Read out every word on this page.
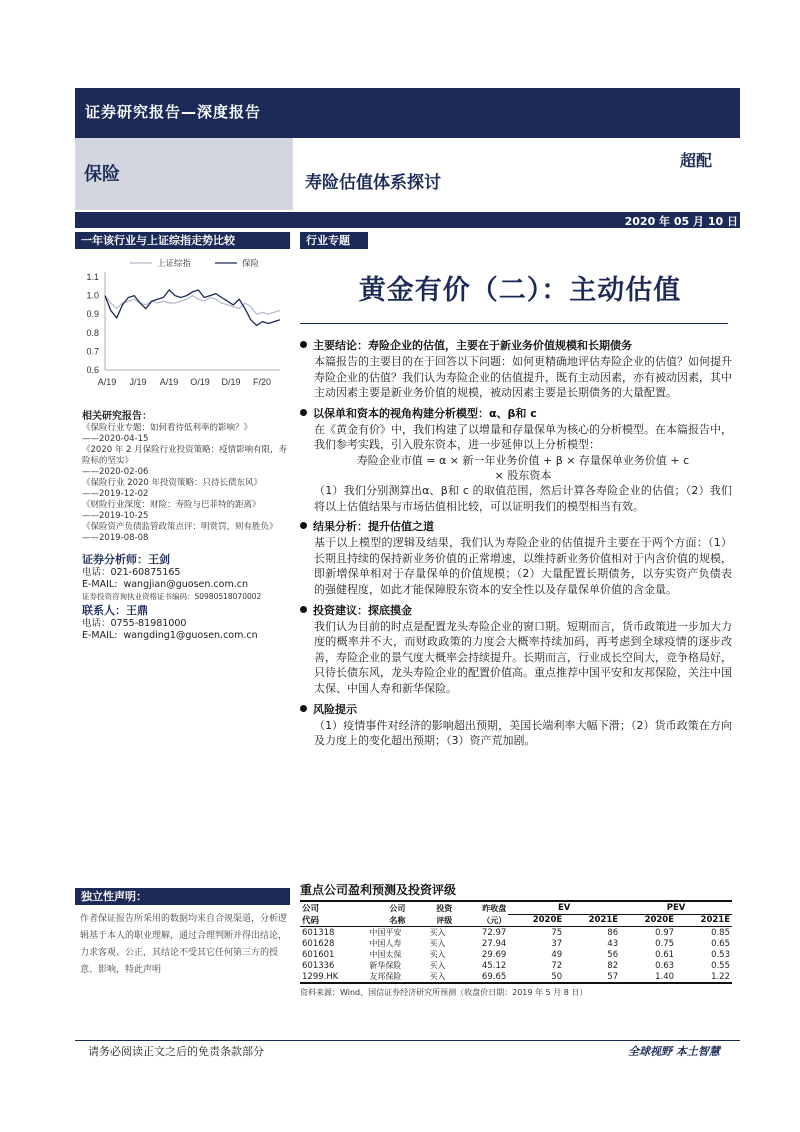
证券研究报告—深度报告
保险	寿险估值体系探讨
超配
2020 年 05 月 10 日
一年该行业与上证综指走势比较
1.1
1.0
0.9
0.8
0.7
0.6
A/19 J/19 A/19 O/19 D/19 F/20
上证综指	保险
相关研究报告：
《保险行业专题：如何看待低利率的影响？》
——2020-04-15
《2020 年 2 月保险行业投资策略：疫情影响有限，寿险标的坚实》
——2020-02-06
《保险行业 2020 年投资策略：只待长债东风》
——2019-12-02
《财险行业深度：财险：寿险与巴菲特的距离》
——2019-10-25
《保险资产负债监管政策点评：明赏罚，则有胜负》
——2019-08-08
证券分析师：王剑
电话：021-60875165
E-MAIL: wangjian@guosen.com.cn
证券投资咨询执业资格证书编码：S0980518070002
联系人：王鼎
电话：0755-81981000
E-MAIL: wangding1@guosen.com.cn
独立性声明：
作者保证报告所采用的数据均来自合规渠道，分析逻辑基于本人的职业理解，通过合理判断并得出结论，力求客观、公正，其结论不受其它任何第三方的授意、影响，特此声明
行业专题
黄金有价（二）：主动估值
主要结论：寿险企业的估值，主要在于新业务价值规模和长期债务
本篇报告的主要目的在于回答以下问题：如何更精确地评估寿险企业的估值？如何提升寿险企业的估值？我们认为寿险企业的估值提升，既有主动因素，亦有被动因素，其中主动因素主要是新业务价值的规模，被动因素主要是长期债务的大量配置。
以保单和资本的视角构建分析模型：α、β和 c
在《黄金有价》中，我们构建了以增量和存量保单为核心的分析模型。在本篇报告中，我们参考实践，引入股东资本，进一步延伸以上分析模型：
寿险企业市值 = α × 新一年业务价值 + β × 存量保单业务价值 + c
× 股东资本
（1）我们分别测算出α、β和 c 的取值范围，然后计算各寿险企业的估值；（2）我们将以上估值结果与市场估值相比较，可以证明我们的模型相当有效。
结果分析：提升估值之道
基于以上模型的逻辑及结果，我们认为寿险企业的估值提升主要在于两个方面：（1）长期且持续的保持新业务价值的正常增速，以维持新业务价值相对于内含价值的规模，即新增保单相对于存量保单的价值规模；（2）大量配置长期债务，以夯实资产负债表的强健程度，如此才能保障股东资本的安全性以及存量保单价值的含金量。
投资建议：探底摸金
我们认为目前的时点是配置龙头寿险企业的窗口期。短期而言，货币政策进一步加大力度的概率并不大，而财政政策的力度会大概率持续加码，再考虑到全球疫情的逐步改善，寿险企业的景气度大概率会持续提升。长期而言，行业成长空间大，竞争格局好，只待长债东风，龙头寿险企业的配置价值高。重点推荐中国平安和友邦保险，关注中国太保、中国人寿和新华保险。
风险提示
（1）疫情事件对经济的影响超出预期，美国长端利率大幅下滑；（2）货币政策在方向及力度上的变化超出预期；（3）资产荒加剧。
重点公司盈利预测及投资评级
公司	公司	投资	昨收盘	EV		PEV	
代码	名称	评级	（元）	2020E	2021E	2020E	2021E
601318	中国平安	买入	72.97	75	86	0.97	0.85
601628	中国人寿	买入	27.94	37	43	0.75	0.65
601601	中国太保	买入	29.69	49	56	0.61	0.53
601336	新华保险	买入	45.12	72	82	0.63	0.55
1299.HK	友邦保险	买入	69.65	50	57	1.40	1.22
资料来源：Wind、国信证券经济研究所预测（收盘价日期：2019 年 5 月 8 日）
请务必阅读正文之后的免责条款部分	全球视野 本土智慧
